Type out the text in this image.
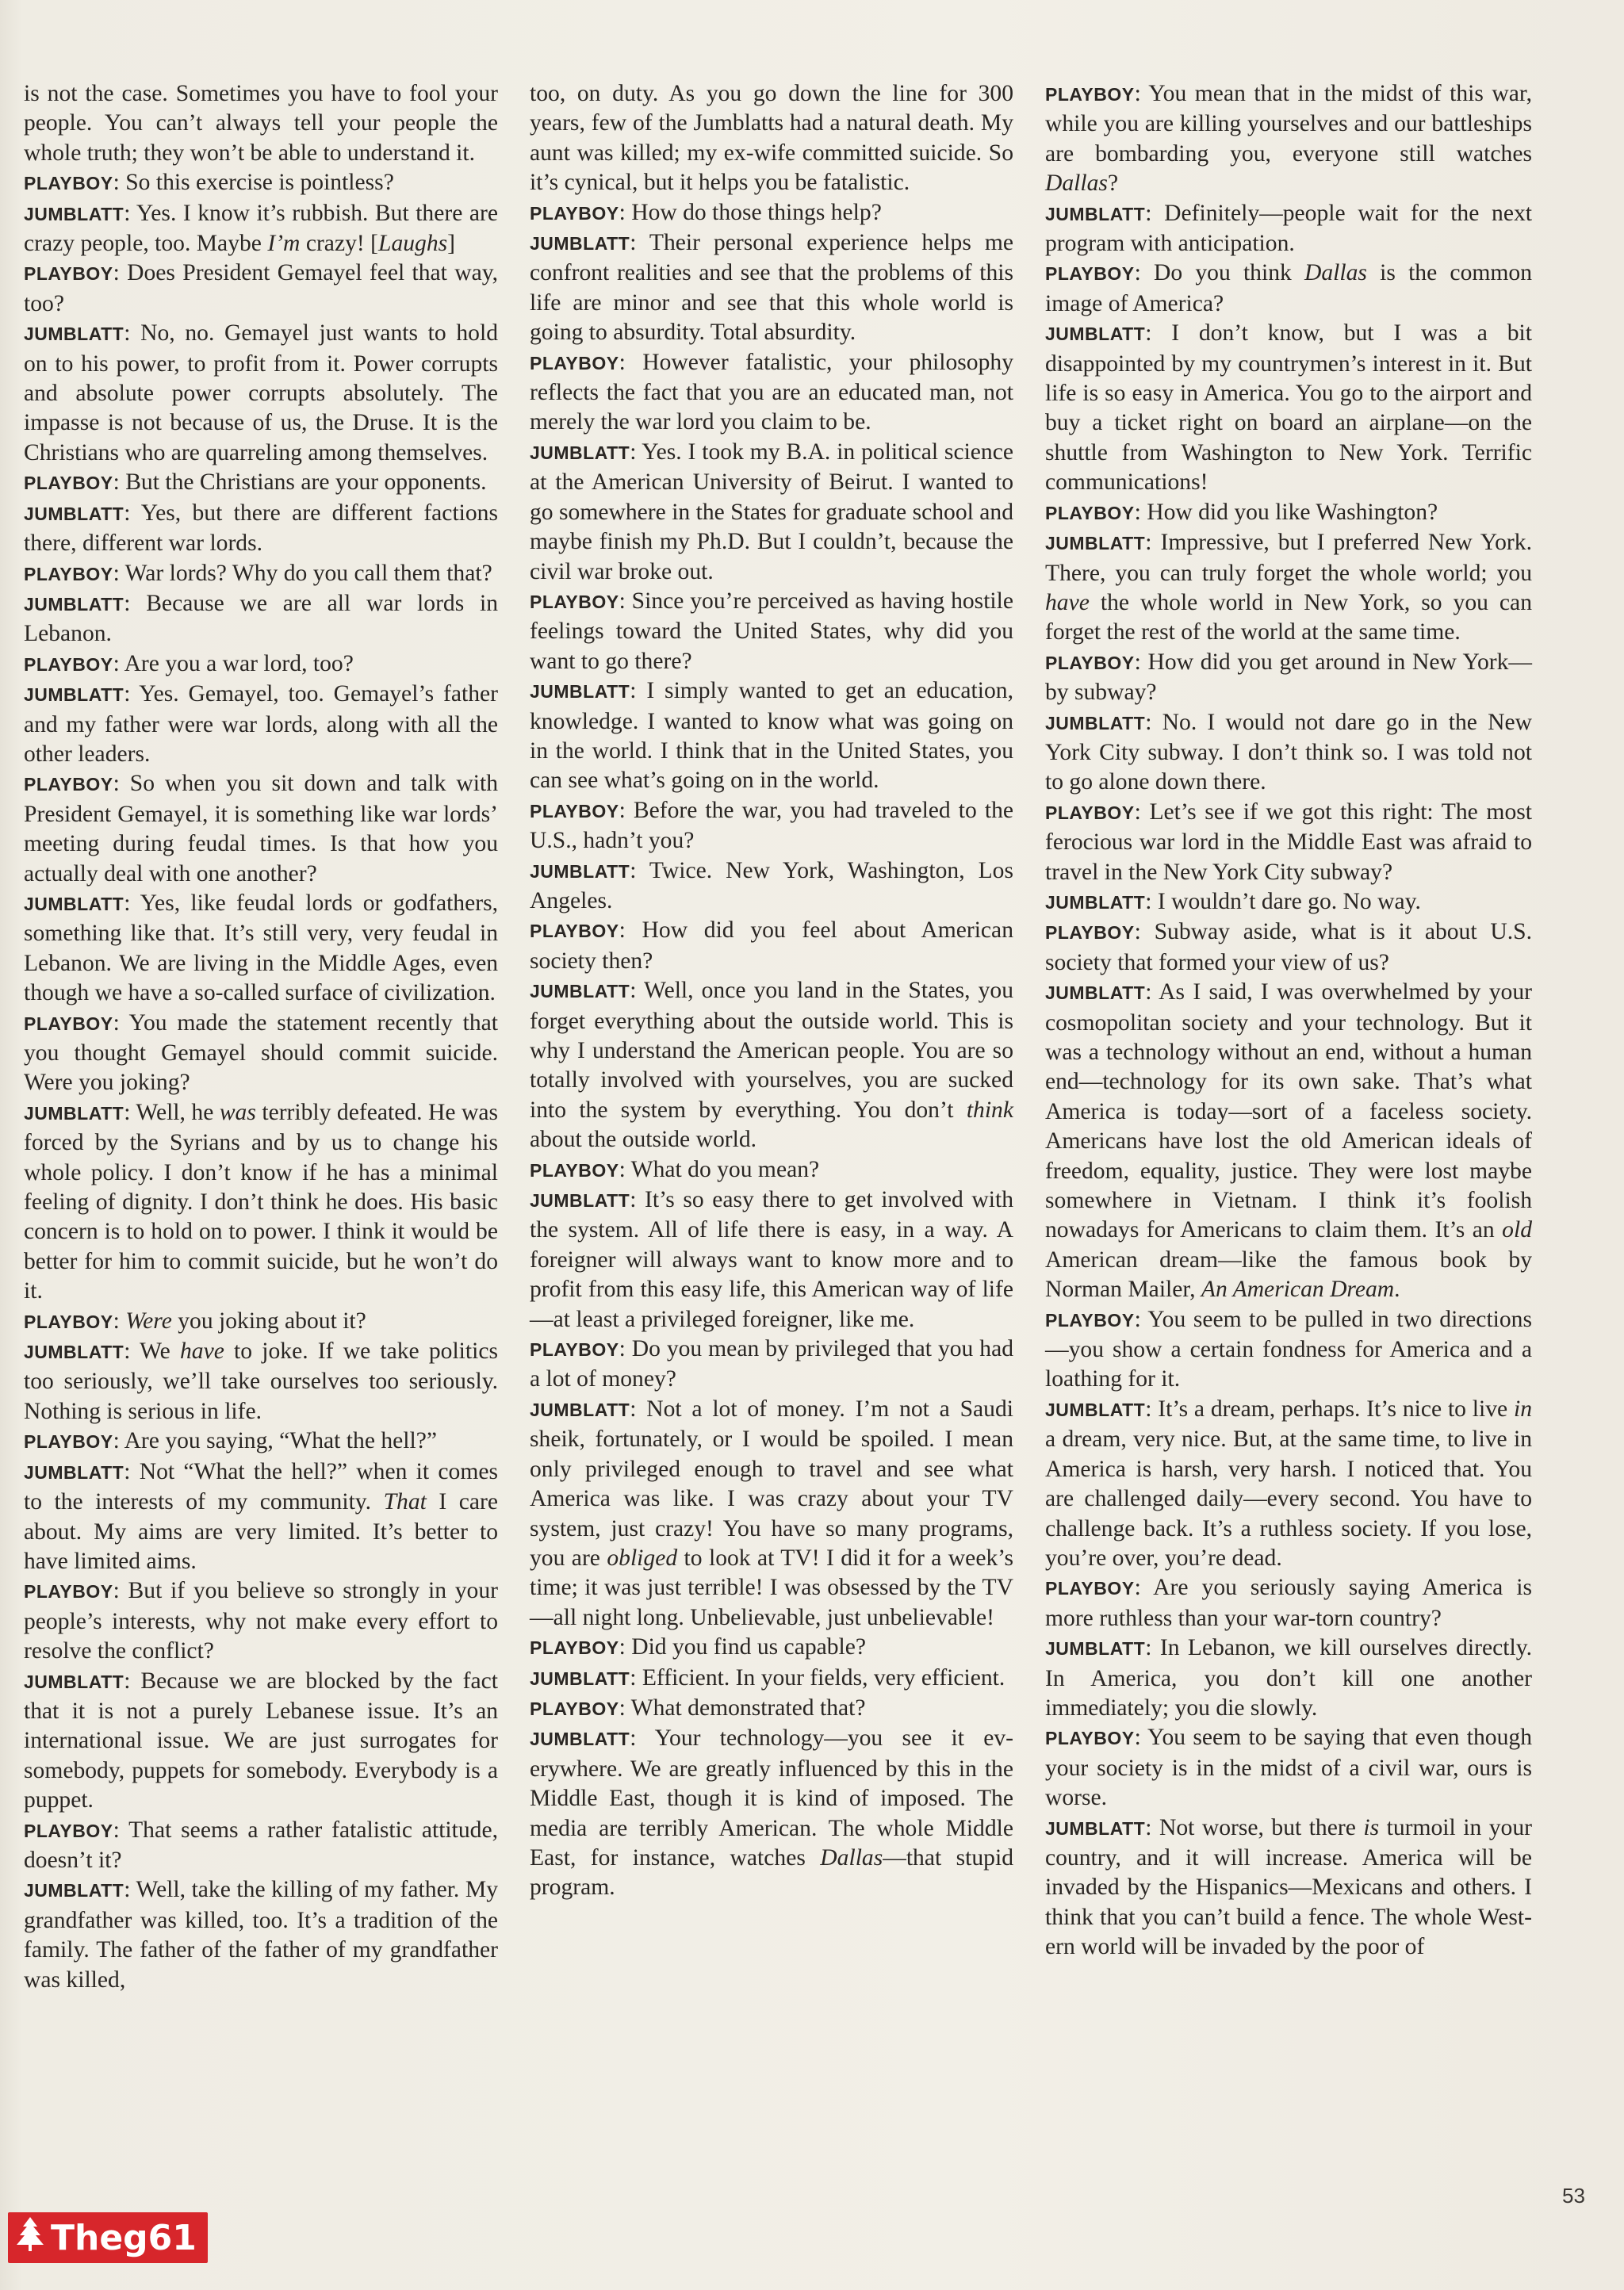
is not the case. Sometimes you have to fool your people. You can’t always tell your people the whole truth; they won’t be able to understand it.

PLAYBOY: So this exercise is pointless?

JUMBLATT: Yes. I know it’s rubbish. But there are crazy people, too. Maybe I’m crazy! [Laughs]

PLAYBOY: Does President Gemayel feel that way, too?

JUMBLATT: No, no. Gemayel just wants to hold on to his power, to profit from it. Power corrupts and absolute power corrupts absolutely. The impasse is not because of us, the Druse. It is the Christians who are quarreling among themselves.

PLAYBOY: But the Christians are your opponents.

JUMBLATT: Yes, but there are different factions there, different war lords.

PLAYBOY: War lords? Why do you call them that?

JUMBLATT: Because we are all war lords in Lebanon.

PLAYBOY: Are you a war lord, too?

JUMBLATT: Yes. Gemayel, too. Gemayel’s father and my father were war lords, along with all the other leaders.

PLAYBOY: So when you sit down and talk with President Gemayel, it is something like war lords’ meeting during feudal times. Is that how you actually deal with one another?

JUMBLATT: Yes, like feudal lords or godfathers, something like that. It’s still very, very feudal in Lebanon. We are living in the Middle Ages, even though we have a so-called surface of civilization.

PLAYBOY: You made the statement recently that you thought Gemayel should commit suicide. Were you joking?

JUMBLATT: Well, he was terribly defeated. He was forced by the Syrians and by us to change his whole policy. I don’t know if he has a minimal feeling of dignity. I don’t think he does. His basic concern is to hold on to power. I think it would be better for him to commit suicide, but he won’t do it.

PLAYBOY: Were you joking about it?

JUMBLATT: We have to joke. If we take politics too seriously, we’ll take ourselves too seriously. Nothing is serious in life.

PLAYBOY: Are you saying, “What the hell?”

JUMBLATT: Not “What the hell?” when it comes to the interests of my community. That I care about. My aims are very limited. It’s better to have limited aims.

PLAYBOY: But if you believe so strongly in your people’s interests, why not make every effort to resolve the conflict?

JUMBLATT: Because we are blocked by the fact that it is not a purely Lebanese issue. It’s an international issue. We are just surrogates for somebody, puppets for somebody. Everybody is a puppet.

PLAYBOY: That seems a rather fatalistic attitude, doesn’t it?

JUMBLATT: Well, take the killing of my father. My grandfather was killed, too. It’s a tradition of the family. The father of the father of my grandfather was killed,

too, on duty. As you go down the line for 300 years, few of the Jumblatts had a natural death. My aunt was killed; my ex-wife committed suicide. So it’s cynical, but it helps you be fatalistic.

PLAYBOY: How do those things help?

JUMBLATT: Their personal experience helps me confront realities and see that the problems of this life are minor and see that this whole world is going to absurdity. Total absurdity.

PLAYBOY: However fatalistic, your philosophy reflects the fact that you are an educated man, not merely the war lord you claim to be.

JUMBLATT: Yes. I took my B.A. in political science at the American University of Beirut. I wanted to go somewhere in the States for graduate school and maybe finish my Ph.D. But I couldn’t, because the civil war broke out.

PLAYBOY: Since you’re perceived as having hostile feelings toward the United States, why did you want to go there?

JUMBLATT: I simply wanted to get an education, knowledge. I wanted to know what was going on in the world. I think that in the United States, you can see what’s going on in the world.

PLAYBOY: Before the war, you had traveled to the U.S., hadn’t you?

JUMBLATT: Twice. New York, Washington, Los Angeles.

PLAYBOY: How did you feel about American society then?

JUMBLATT: Well, once you land in the States, you forget everything about the outside world. This is why I understand the American people. You are so totally involved with yourselves, you are sucked into the system by everything. You don’t think about the outside world.

PLAYBOY: What do you mean?

JUMBLATT: It’s so easy there to get involved with the system. All of life there is easy, in a way. A foreigner will always want to know more and to profit from this easy life, this American way of life—at least a privileged foreigner, like me.

PLAYBOY: Do you mean by privileged that you had a lot of money?

JUMBLATT: Not a lot of money. I’m not a Saudi sheik, fortunately, or I would be spoiled. I mean only privileged enough to travel and see what America was like. I was crazy about your TV system, just crazy! You have so many programs, you are obliged to look at TV! I did it for a week’s time; it was just terrible! I was obsessed by the TV—all night long. Unbelievable, just unbelievable!

PLAYBOY: Did you find us capable?

JUMBLATT: Efficient. In your fields, very efficient.

PLAYBOY: What demonstrated that?

JUMBLATT: Your technology—you see it everywhere. We are greatly influenced by this in the Middle East, though it is kind of imposed. The media are terribly American. The whole Middle East, for instance, watches Dallas—that stupid program.

PLAYBOY: You mean that in the midst of this war, while you are killing yourselves and our battleships are bombarding you, everyone still watches Dallas?

JUMBLATT: Definitely—people wait for the next program with anticipation.

PLAYBOY: Do you think Dallas is the common image of America?

JUMBLATT: I don’t know, but I was a bit disappointed by my countrymen’s interest in it. But life is so easy in America. You go to the airport and buy a ticket right on board an airplane—on the shuttle from Washington to New York. Terrific communications!

PLAYBOY: How did you like Washington?

JUMBLATT: Impressive, but I preferred New York. There, you can truly forget the whole world; you have the whole world in New York, so you can forget the rest of the world at the same time.

PLAYBOY: How did you get around in New York—by subway?

JUMBLATT: No. I would not dare go in the New York City subway. I don’t think so. I was told not to go alone down there.

PLAYBOY: Let’s see if we got this right: The most ferocious war lord in the Middle East was afraid to travel in the New York City subway?

JUMBLATT: I wouldn’t dare go. No way.

PLAYBOY: Subway aside, what is it about U.S. society that formed your view of us?

JUMBLATT: As I said, I was overwhelmed by your cosmopolitan society and your technology. But it was a technology without an end, without a human end—technology for its own sake. That’s what America is today—sort of a faceless society. Americans have lost the old American ideals of freedom, equality, justice. They were lost maybe somewhere in Vietnam. I think it’s foolish nowadays for Americans to claim them. It’s an old American dream—like the famous book by Norman Mailer, An American Dream.

PLAYBOY: You seem to be pulled in two directions—you show a certain fondness for America and a loathing for it.

JUMBLATT: It’s a dream, perhaps. It’s nice to live in a dream, very nice. But, at the same time, to live in America is harsh, very harsh. I noticed that. You are challenged daily—every second. You have to challenge back. It’s a ruthless society. If you lose, you’re over, you’re dead.

PLAYBOY: Are you seriously saying America is more ruthless than your war-torn country?

JUMBLATT: In Lebanon, we kill ourselves directly. In America, you don’t kill one another immediately; you die slowly.

PLAYBOY: You seem to be saying that even though your society is in the midst of a civil war, ours is worse.

JUMBLATT: Not worse, but there is turmoil in your country, and it will increase. America will be invaded by the Hispanics—Mexicans and others. I think that you can’t build a fence. The whole Western world will be invaded by the poor of

53
Theg61
